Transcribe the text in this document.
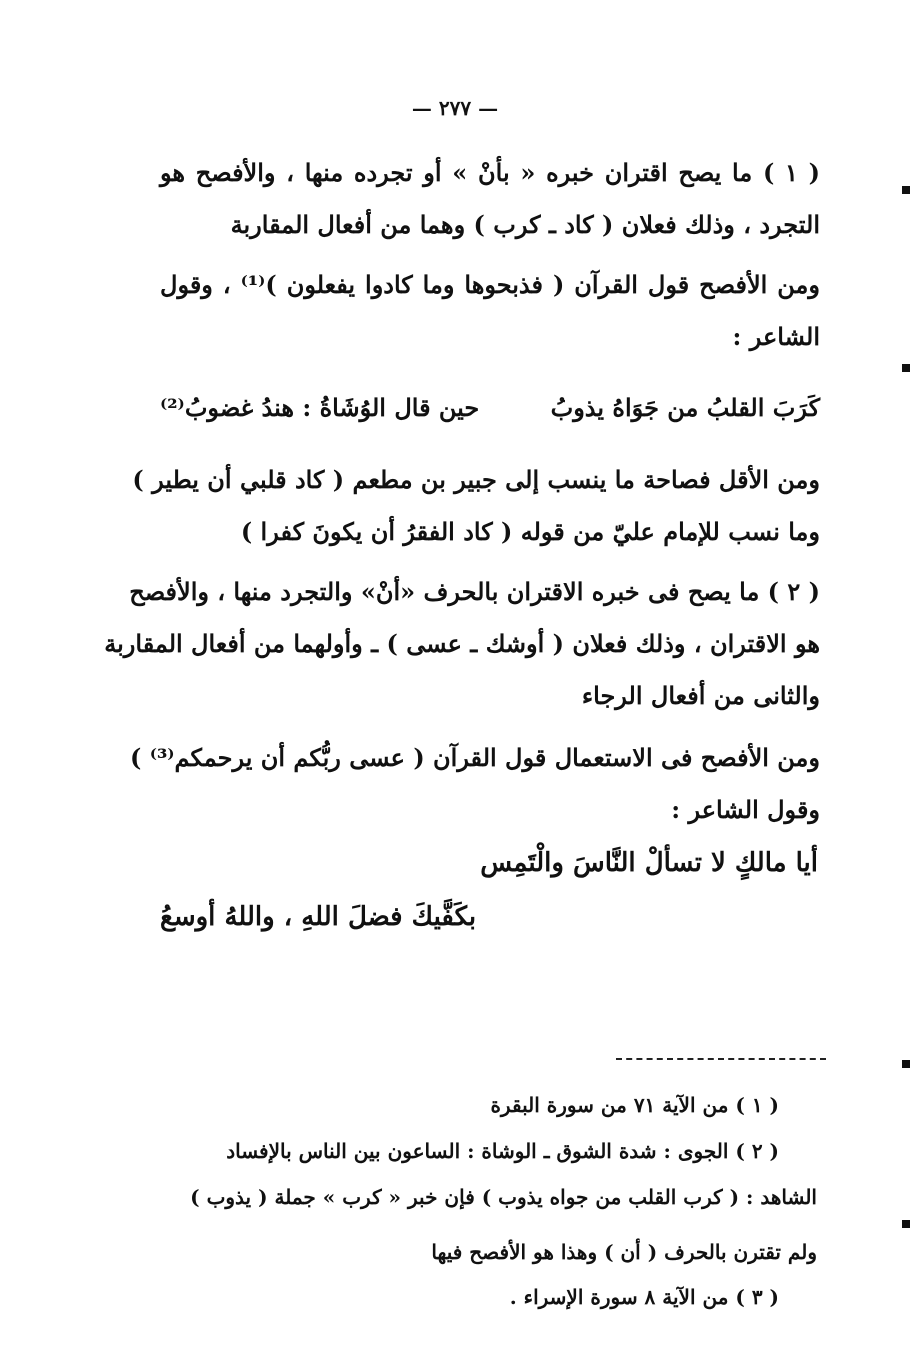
— ٢٧٧ —
( ١ ) ما يصح اقتران خبره « بأنْ » أو تجرده منها ، والأفصح هو
التجرد ، وذلك فعلان ( كاد ـ كرب ) وهما من أفعال المقاربة
ومن الأفصح قول القرآن ( فذبحوها وما كادوا يفعلون )⁽¹⁾ ، وقول
الشاعر :
كَرَبَ القلبُ من جَوَاهُ يذوبُ
حين قال الوُشَاةُ : هندُ غضوبُ⁽²⁾
ومن الأقل فصاحة ما ينسب إلى جبير بن مطعم ( كاد قلبي أن يطير )
وما نسب للإمام عليّ من قوله ( كاد الفقرُ أن يكونَ كفرا )
( ٢ ) ما يصح فى خبره الاقتران بالحرف «أنْ» والتجرد منها ، والأفصح
هو الاقتران ، وذلك فعلان ( أوشك ـ عسى ) ـ وأولهما من أفعال المقاربة
والثانى من أفعال الرجاء
ومن الأفصح فى الاستعمال قول القرآن ( عسى ربُّكم أن يرحمكم⁽³⁾ )
وقول الشاعر :
أيا مالكٍ لا تسألْ النَّاسَ والْتَمِس
بكَفَّيكَ فضلَ اللهِ ، واللهُ أوسعُ
( ١ ) من الآية ٧١ من سورة البقرة
( ٢ ) الجوى : شدة الشوق ـ الوشاة : الساعون بين الناس بالإفساد
الشاهد : ( كرب القلب من جواه يذوب ) فإن خبر « كرب » جملة ( يذوب )
ولم تقترن بالحرف ( أن ) وهذا هو الأفصح فيها
( ٣ ) من الآية ٨ سورة الإسراء .
